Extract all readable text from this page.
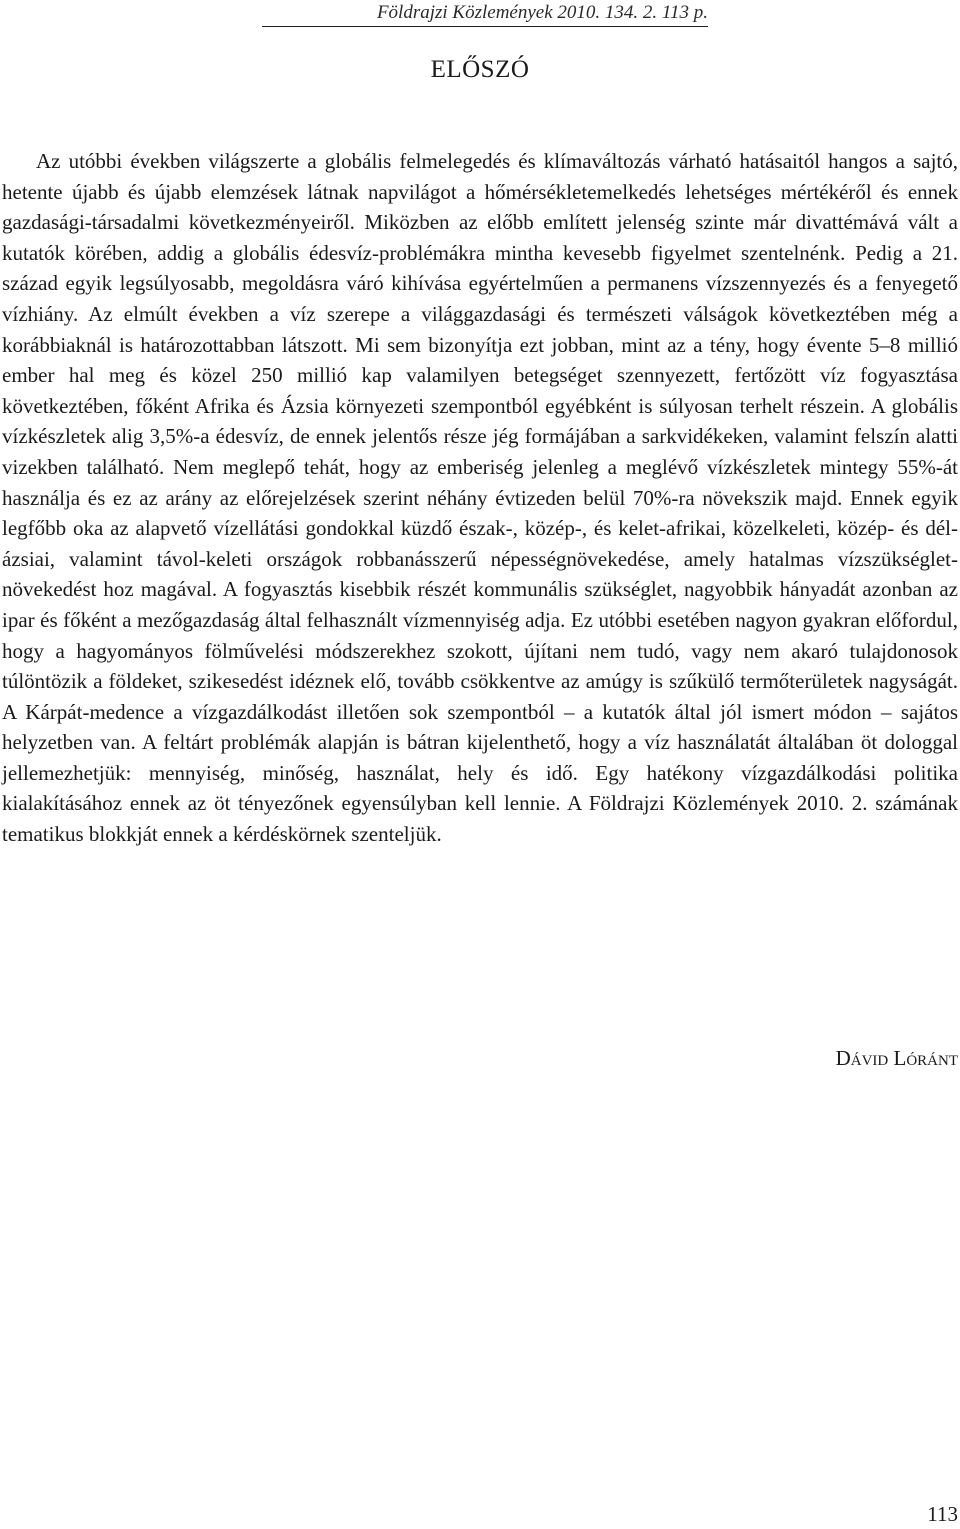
Földrajzi Közlemények 2010. 134. 2. 113 p.
ELŐSZÓ

Az utóbbi években világszerte a globális felmelegedés és klímaváltozás várható hatásaitól hangos a sajtó, hetente újabb és újabb elemzések látnak napvilágot a hőmérsékletemelkedés lehetséges mértékéről és ennek gazdasági-társadalmi következményeiről. Miközben az előbb említett jelenség szinte már divattémává vált a kutatók körében, addig a globális édesvíz-problémákra mintha kevesebb figyelmet szentelnénk. Pedig a 21. század egyik legsúlyosabb, megoldásra váró kihívása egyértelműen a permanens vízszennyezés és a fenyegető vízhiány. Az elmúlt években a víz szerepe a világgazdasági és természeti válságok következtében még a korábbiaknál is határozottabban látszott. Mi sem bizonyítja ezt jobban, mint az a tény, hogy évente 5–8 millió ember hal meg és közel 250 millió kap valamilyen betegséget szennyezett, fertőzött víz fogyasztása következtében, főként Afrika és Ázsia környezeti szempontból egyébként is súlyosan terhelt részein. A globális vízkészletek alig 3,5%-a édesvíz, de ennek jelentős része jég formájában a sarkvidékeken, valamint felszín alatti vizekben található. Nem meglepő tehát, hogy az emberiség jelenleg a meglévő vízkészletek mintegy 55%-át használja és ez az arány az előrejelzések szerint néhány évtizeden belül 70%-ra növekszik majd. Ennek egyik legfőbb oka az alapvető vízellátási gondokkal küzdő észak-, közép-, és kelet-afrikai, közelkeleti, közép- és dél-ázsiai, valamint távol-keleti országok robbanásszerű népességnövekedése, amely hatalmas vízszükséglet-növekedést hoz magával. A fogyasztás kisebbik részét kommunális szükséglet, nagyobbik hányadát azonban az ipar és főként a mezőgazdaság által felhasznált vízmennyiség adja. Ez utóbbi esetében nagyon gyakran előfordul, hogy a hagyományos fölművelési módszerekhez szokott, újítani nem tudó, vagy nem akaró tulajdonosok túlöntözik a földeket, szikesedést idéznek elő, tovább csökkentve az amúgy is szűkülő termőterületek nagyságát. A Kárpát-medence a vízgazdálkodást illetően sok szempontból – a kutatók által jól ismert módon – sajátos helyzetben van. A feltárt problémák alapján is bátran kijelenthető, hogy a víz használatát általában öt dologgal jellemezhetjük: mennyiség, minőség, használat, hely és idő. Egy hatékony vízgazdálkodási politika kialakításához ennek az öt tényezőnek egyensúlyban kell lennie. A Földrajzi Közlemények 2010. 2. számának tematikus blokkját ennek a kérdéskörnek szenteljük.

Dávid Lóránt
113
